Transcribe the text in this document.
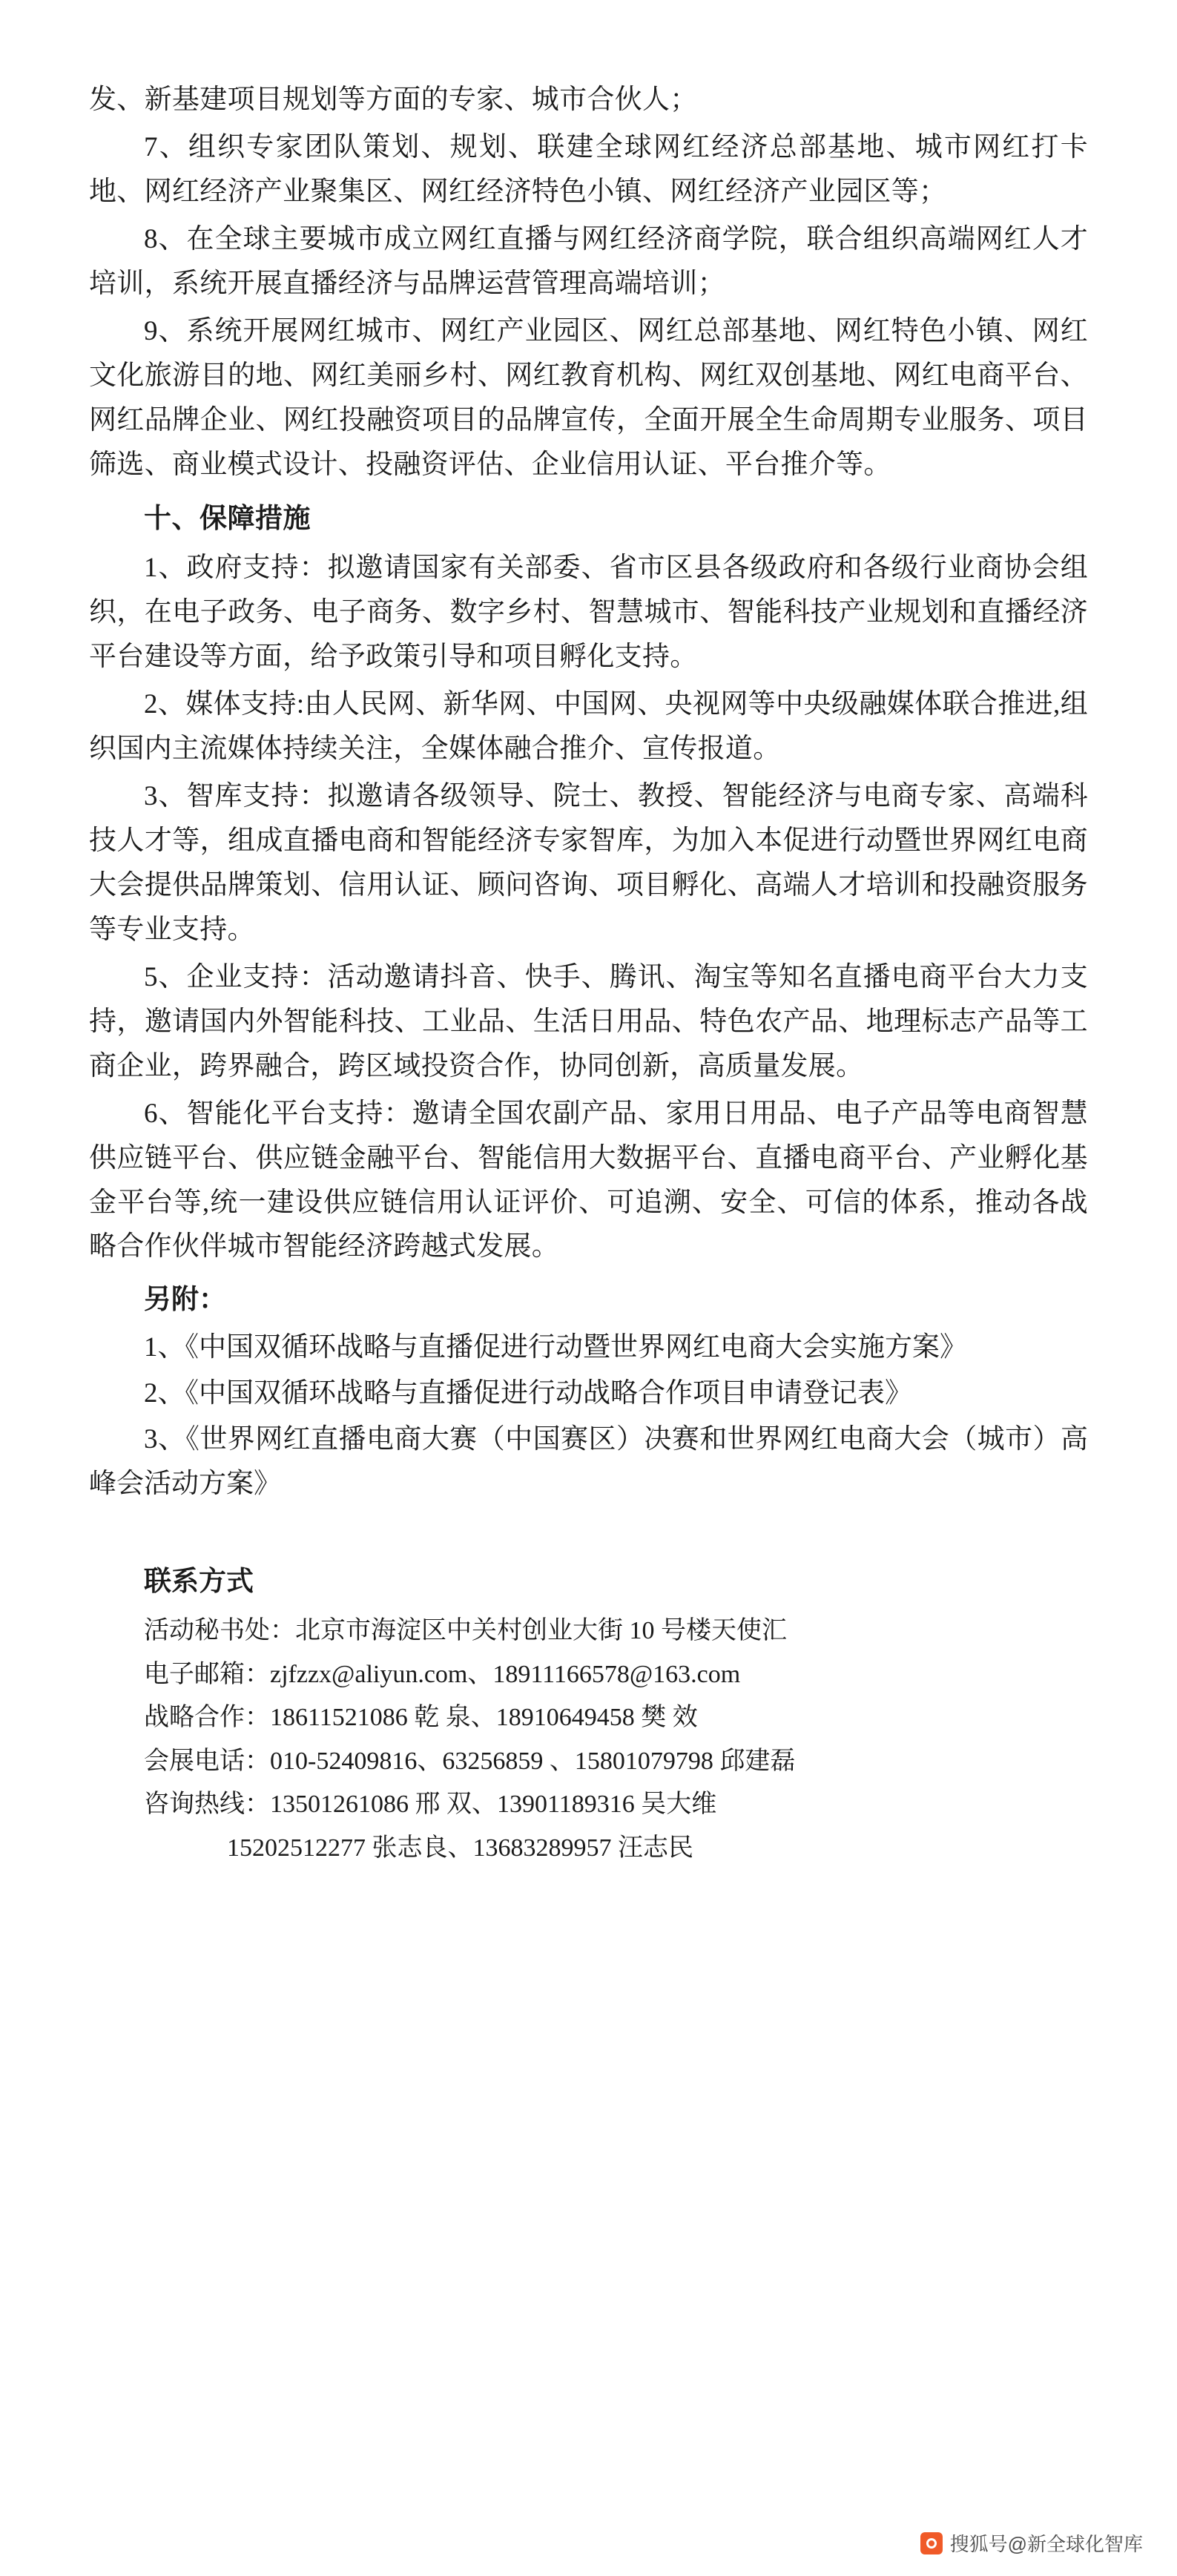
发、新基建项目规划等方面的专家、城市合伙人；

7、组织专家团队策划、规划、联建全球网红经济总部基地、城市网红打卡地、网红经济产业聚集区、网红经济特色小镇、网红经济产业园区等；

8、在全球主要城市成立网红直播与网红经济商学院，联合组织高端网红人才培训，系统开展直播经济与品牌运营管理高端培训；

9、系统开展网红城市、网红产业园区、网红总部基地、网红特色小镇、网红文化旅游目的地、网红美丽乡村、网红教育机构、网红双创基地、网红电商平台、网红品牌企业、网红投融资项目的品牌宣传，全面开展全生命周期专业服务、项目筛选、商业模式设计、投融资评估、企业信用认证、平台推介等。

十、保障措施

1、政府支持：拟邀请国家有关部委、省市区县各级政府和各级行业商协会组织，在电子政务、电子商务、数字乡村、智慧城市、智能科技产业规划和直播经济平台建设等方面，给予政策引导和项目孵化支持。

2、媒体支持:由人民网、新华网、中国网、央视网等中央级融媒体联合推进,组织国内主流媒体持续关注，全媒体融合推介、宣传报道。

3、智库支持：拟邀请各级领导、院士、教授、智能经济与电商专家、高端科技人才等，组成直播电商和智能经济专家智库，为加入本促进行动暨世界网红电商大会提供品牌策划、信用认证、顾问咨询、项目孵化、高端人才培训和投融资服务等专业支持。

5、企业支持：活动邀请抖音、快手、腾讯、淘宝等知名直播电商平台大力支持，邀请国内外智能科技、工业品、生活日用品、特色农产品、地理标志产品等工商企业，跨界融合，跨区域投资合作，协同创新，高质量发展。

6、智能化平台支持：邀请全国农副产品、家用日用品、电子产品等电商智慧供应链平台、供应链金融平台、智能信用大数据平台、直播电商平台、产业孵化基金平台等,统一建设供应链信用认证评价、可追溯、安全、可信的体系，推动各战略合作伙伴城市智能经济跨越式发展。

另附：

1、《中国双循环战略与直播促进行动暨世界网红电商大会实施方案》

2、《中国双循环战略与直播促进行动战略合作项目申请登记表》

3、《世界网红直播电商大赛（中国赛区）决赛和世界网红电商大会（城市）高峰会活动方案》

联系方式
活动秘书处：北京市海淀区中关村创业大街 10 号楼天使汇
电子邮箱：zjfzzx@aliyun.com、18911166578@163.com
战略合作：18611521086 乾 泉、18910649458 樊 效
会展电话：010-52409816、63256859 、15801079798 邱建磊
咨询热线：13501261086 邢 双、13901189316 吴大维
15202512277 张志良、13683289957 汪志民
搜狐号@新全球化智库
